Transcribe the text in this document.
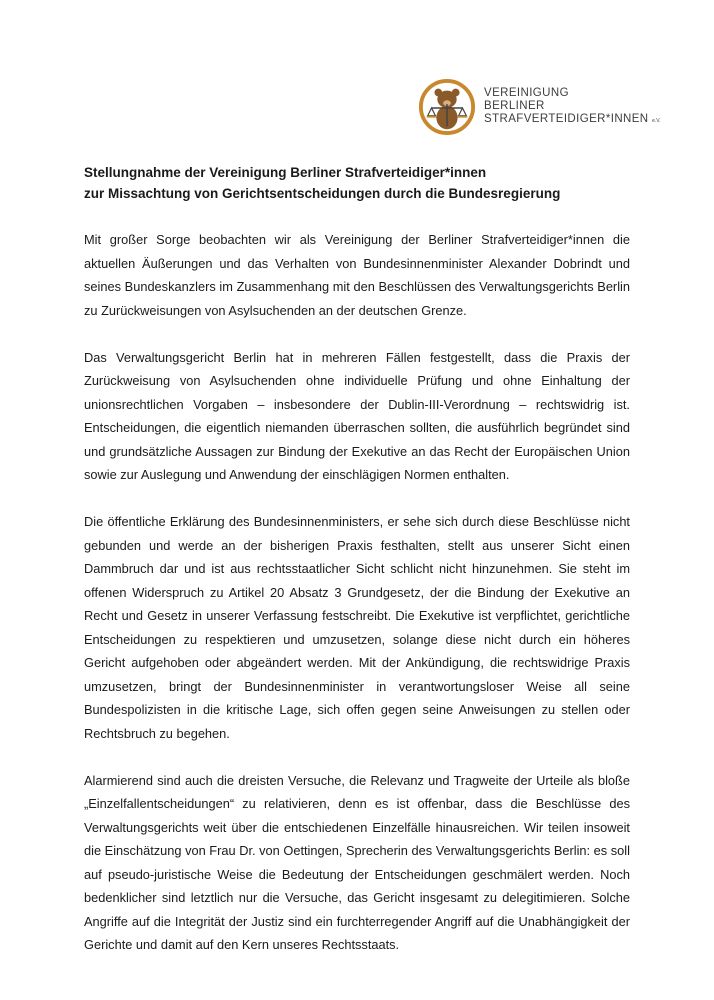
VEREINIGUNG
BERLINER
STRAFVERTEIDIGER*INNEN e.V.
Stellungnahme der Vereinigung Berliner Strafverteidiger*innen
zur Missachtung von Gerichtsentscheidungen durch die Bundesregierung

Mit großer Sorge beobachten wir als Vereinigung der Berliner Strafverteidiger*innen die aktuellen Äußerungen und das Verhalten von Bundesinnenminister Alexander Dobrindt und seines Bundeskanzlers im Zusammenhang mit den Beschlüssen des Verwaltungsgerichts Berlin zu Zurückweisungen von Asylsuchenden an der deutschen Grenze.

Das Verwaltungsgericht Berlin hat in mehreren Fällen festgestellt, dass die Praxis der Zurückweisung von Asylsuchenden ohne individuelle Prüfung und ohne Einhaltung der unionsrechtlichen Vorgaben – insbesondere der Dublin-III-Verordnung – rechtswidrig ist. Entscheidungen, die eigentlich niemanden überraschen sollten, die ausführlich begründet sind und grundsätzliche Aussagen zur Bindung der Exekutive an das Recht der Europäischen Union sowie zur Auslegung und Anwendung der einschlägigen Normen enthalten.

Die öffentliche Erklärung des Bundesinnenministers, er sehe sich durch diese Beschlüsse nicht gebunden und werde an der bisherigen Praxis festhalten, stellt aus unserer Sicht einen Dammbruch dar und ist aus rechtsstaatlicher Sicht schlicht nicht hinzunehmen. Sie steht im offenen Widerspruch zu Artikel 20 Absatz 3 Grundgesetz, der die Bindung der Exekutive an Recht und Gesetz in unserer Verfassung festschreibt. Die Exekutive ist verpflichtet, gerichtliche Entscheidungen zu respektieren und umzusetzen, solange diese nicht durch ein höheres Gericht aufgehoben oder abgeändert werden. Mit der Ankündigung, die rechtswidrige Praxis umzusetzen, bringt der Bundesinnenminister in verantwortungsloser Weise all seine Bundespolizisten in die kritische Lage, sich offen gegen seine Anweisungen zu stellen oder Rechtsbruch zu begehen.

Alarmierend sind auch die dreisten Versuche, die Relevanz und Tragweite der Urteile als bloße „Einzelfallentscheidungen“ zu relativieren, denn es ist offenbar, dass die Beschlüsse des Verwaltungsgerichts weit über die entschiedenen Einzelfälle hinausreichen. Wir teilen insoweit die Einschätzung von Frau Dr. von Oettingen, Sprecherin des Verwaltungsgerichts Berlin: es soll auf pseudo-juristische Weise die Bedeutung der Entscheidungen geschmälert werden. Noch bedenklicher sind letztlich nur die Versuche, das Gericht insgesamt zu delegitimieren. Solche Angriffe auf die Integrität der Justiz sind ein furchterregender Angriff auf die Unabhängigkeit der Gerichte und damit auf den Kern unseres Rechtsstaats.
